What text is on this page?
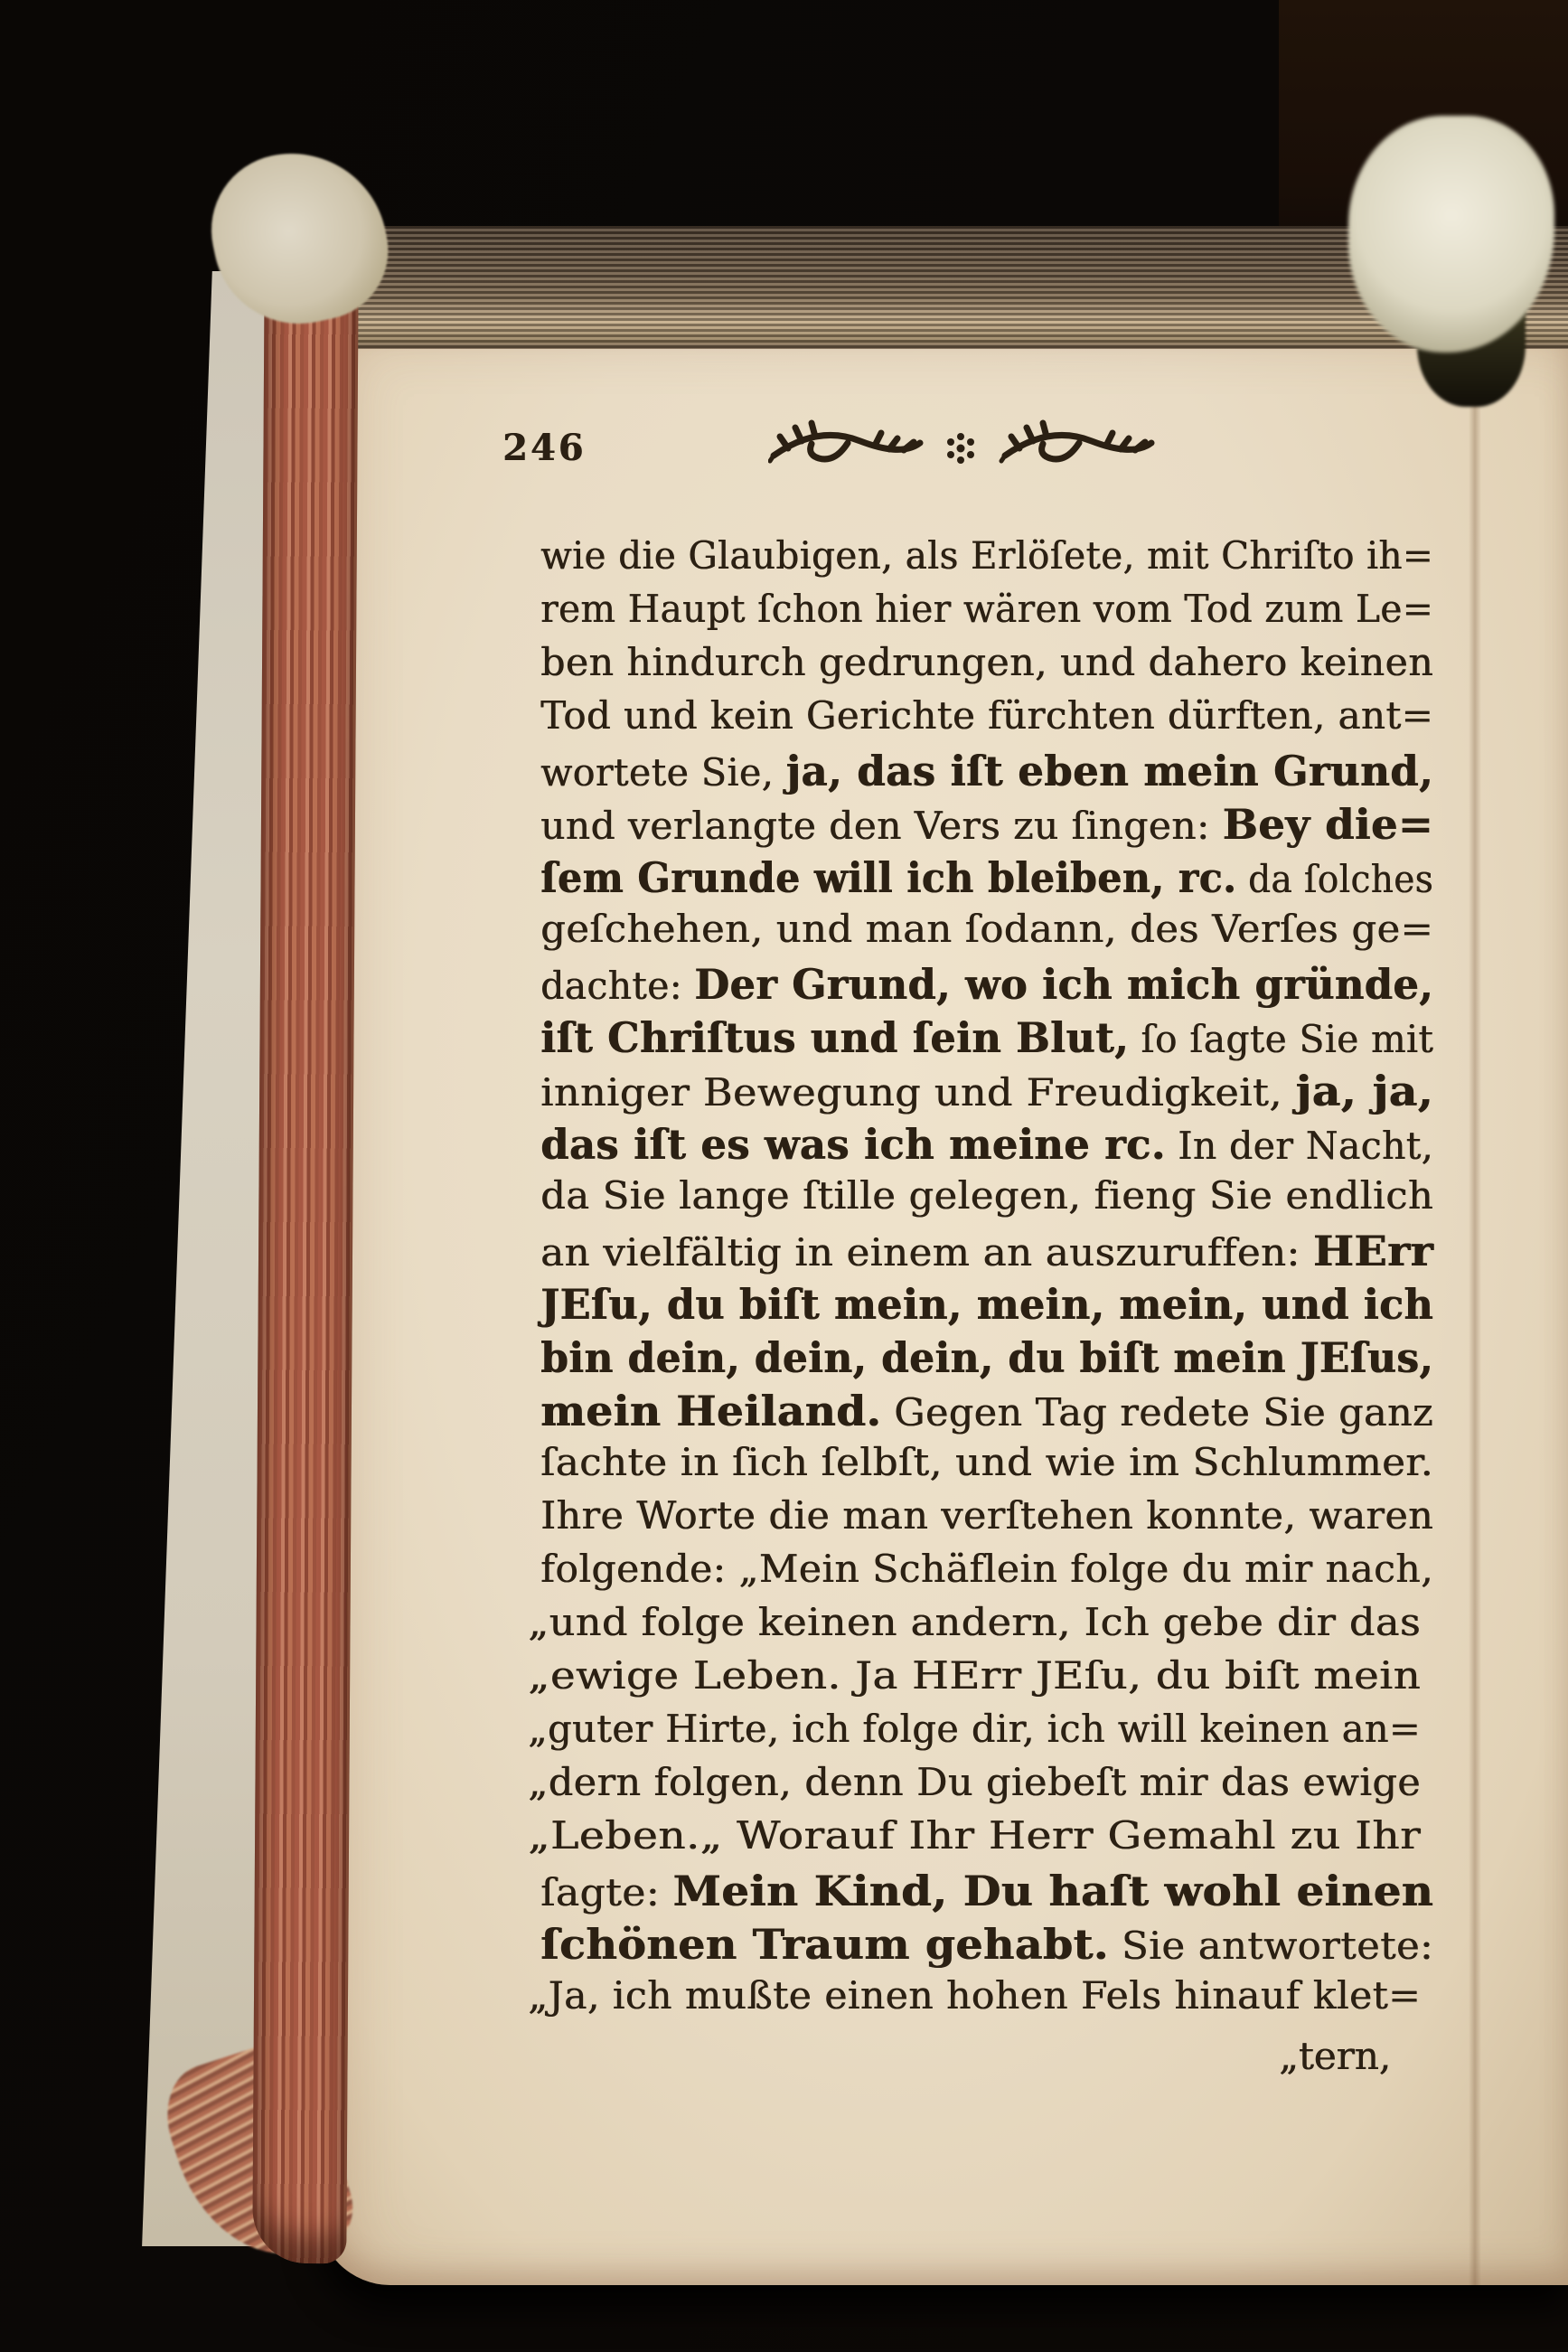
246
wie die Glaubigen, als Erlöſete, mit Chriſto ih=
rem Haupt ſchon hier wären vom Tod zum Le=
ben hindurch gedrungen, und dahero keinen
Tod und kein Gerichte fürchten dürften, ant=
wortete Sie, ja, das iſt eben mein Grund,
und verlangte den Vers zu ſingen: Bey die=
ſem Grunde will ich bleiben, rc. da ſolches
geſchehen, und man ſodann, des Verſes ge=
dachte: Der Grund, wo ich mich gründe,
iſt Chriſtus und ſein Blut, ſo ſagte Sie mit
inniger Bewegung und Freudigkeit, ja, ja,
das iſt es was ich meine rc. In der Nacht,
da Sie lange ſtille gelegen, fieng Sie endlich
an vielfältig in einem an auszuruffen: HErr
JEſu, du biſt mein, mein, mein, und ich
bin dein, dein, dein, du biſt mein JEſus,
mein Heiland. Gegen Tag redete Sie ganz
ſachte in ſich ſelbſt, und wie im Schlummer.
Ihre Worte die man verſtehen konnte, waren
folgende: „Mein Schäflein folge du mir nach,
„und folge keinen andern, Ich gebe dir das
„ewige Leben. Ja HErr JEſu, du biſt mein
„guter Hirte, ich folge dir, ich will keinen an=
„dern folgen, denn Du giebeſt mir das ewige
„Leben.„ Worauf Ihr Herr Gemahl zu Ihr
ſagte: Mein Kind, Du haſt wohl einen
ſchönen Traum gehabt. Sie antwortete:
„Ja, ich mußte einen hohen Fels hinauf klet=
„tern,
